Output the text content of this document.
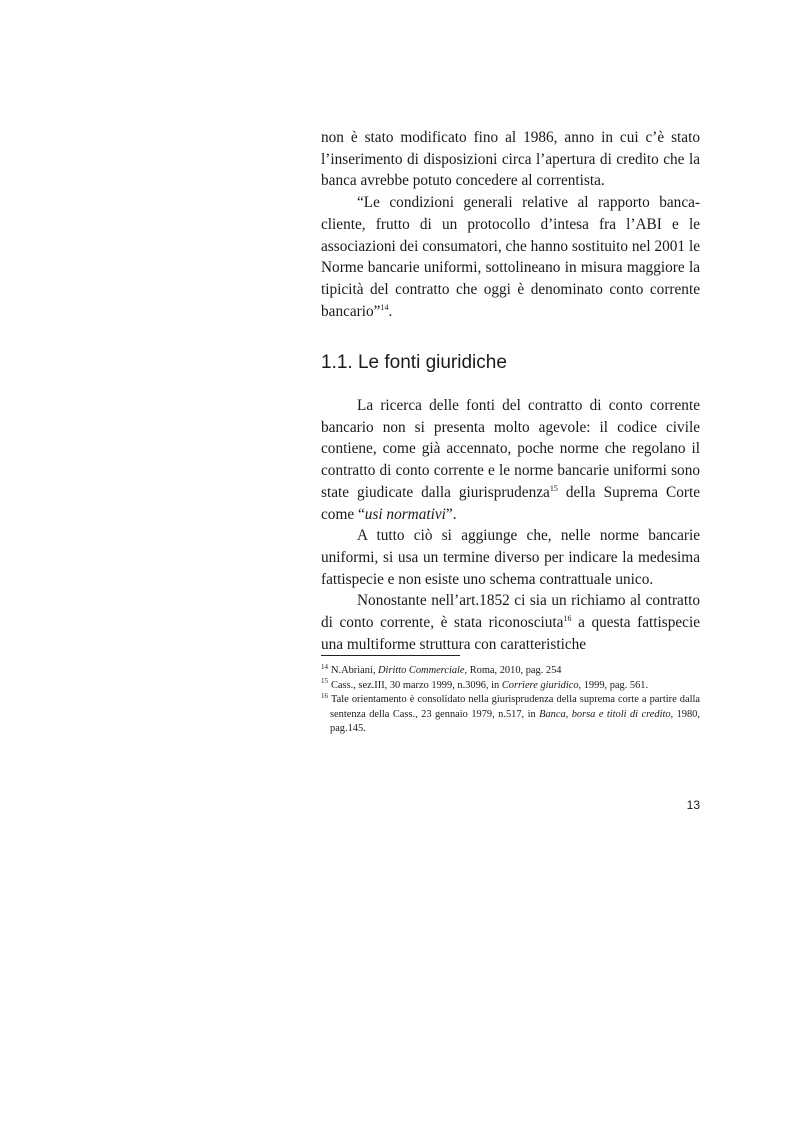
non è stato modificato fino al 1986, anno in cui c’è stato l’inserimento di disposizioni circa l’apertura di credito che la banca avrebbe potuto concedere al correntista.

“Le condizioni generali relative al rapporto banca-cliente, frutto di un protocollo d’intesa fra l’ABI e le associazioni dei consumatori, che hanno sostituito nel 2001 le Norme bancarie uniformi, sottolineano in misura maggiore la tipicità del contratto che oggi è denominato conto corrente bancario”$^{14}$.

1.1. Le fonti giuridiche

La ricerca delle fonti del contratto di conto corrente bancario non si presenta molto agevole: il codice civile contiene, come già accennato, poche norme che regolano il contratto di conto corrente e le norme bancarie uniformi sono state giudicate dalla giurisprudenza$^{15}$ della Suprema Corte come “usi normativi”.

A tutto ciò si aggiunge che, nelle norme bancarie uniformi, si usa un termine diverso per indicare la medesima fattispecie e non esiste uno schema contrattuale unico.

Nonostante nell’art.1852 ci sia un richiamo al contratto di conto corrente, è stata riconosciuta$^{16}$ a questa fattispecie una multiforme struttura con caratteristiche

$^{14}$ N.Abriani, Diritto Commerciale, Roma, 2010, pag. 254

$^{15}$ Cass., sez.III, 30 marzo 1999, n.3096, in Corriere giuridico, 1999, pag. 561.

$^{16}$ Tale orientamento è consolidato nella giurisprudenza della suprema corte a partire dalla sentenza della Cass., 23 gennaio 1979, n.517, in Banca, borsa e titoli di credito, 1980, pag.145.

13
